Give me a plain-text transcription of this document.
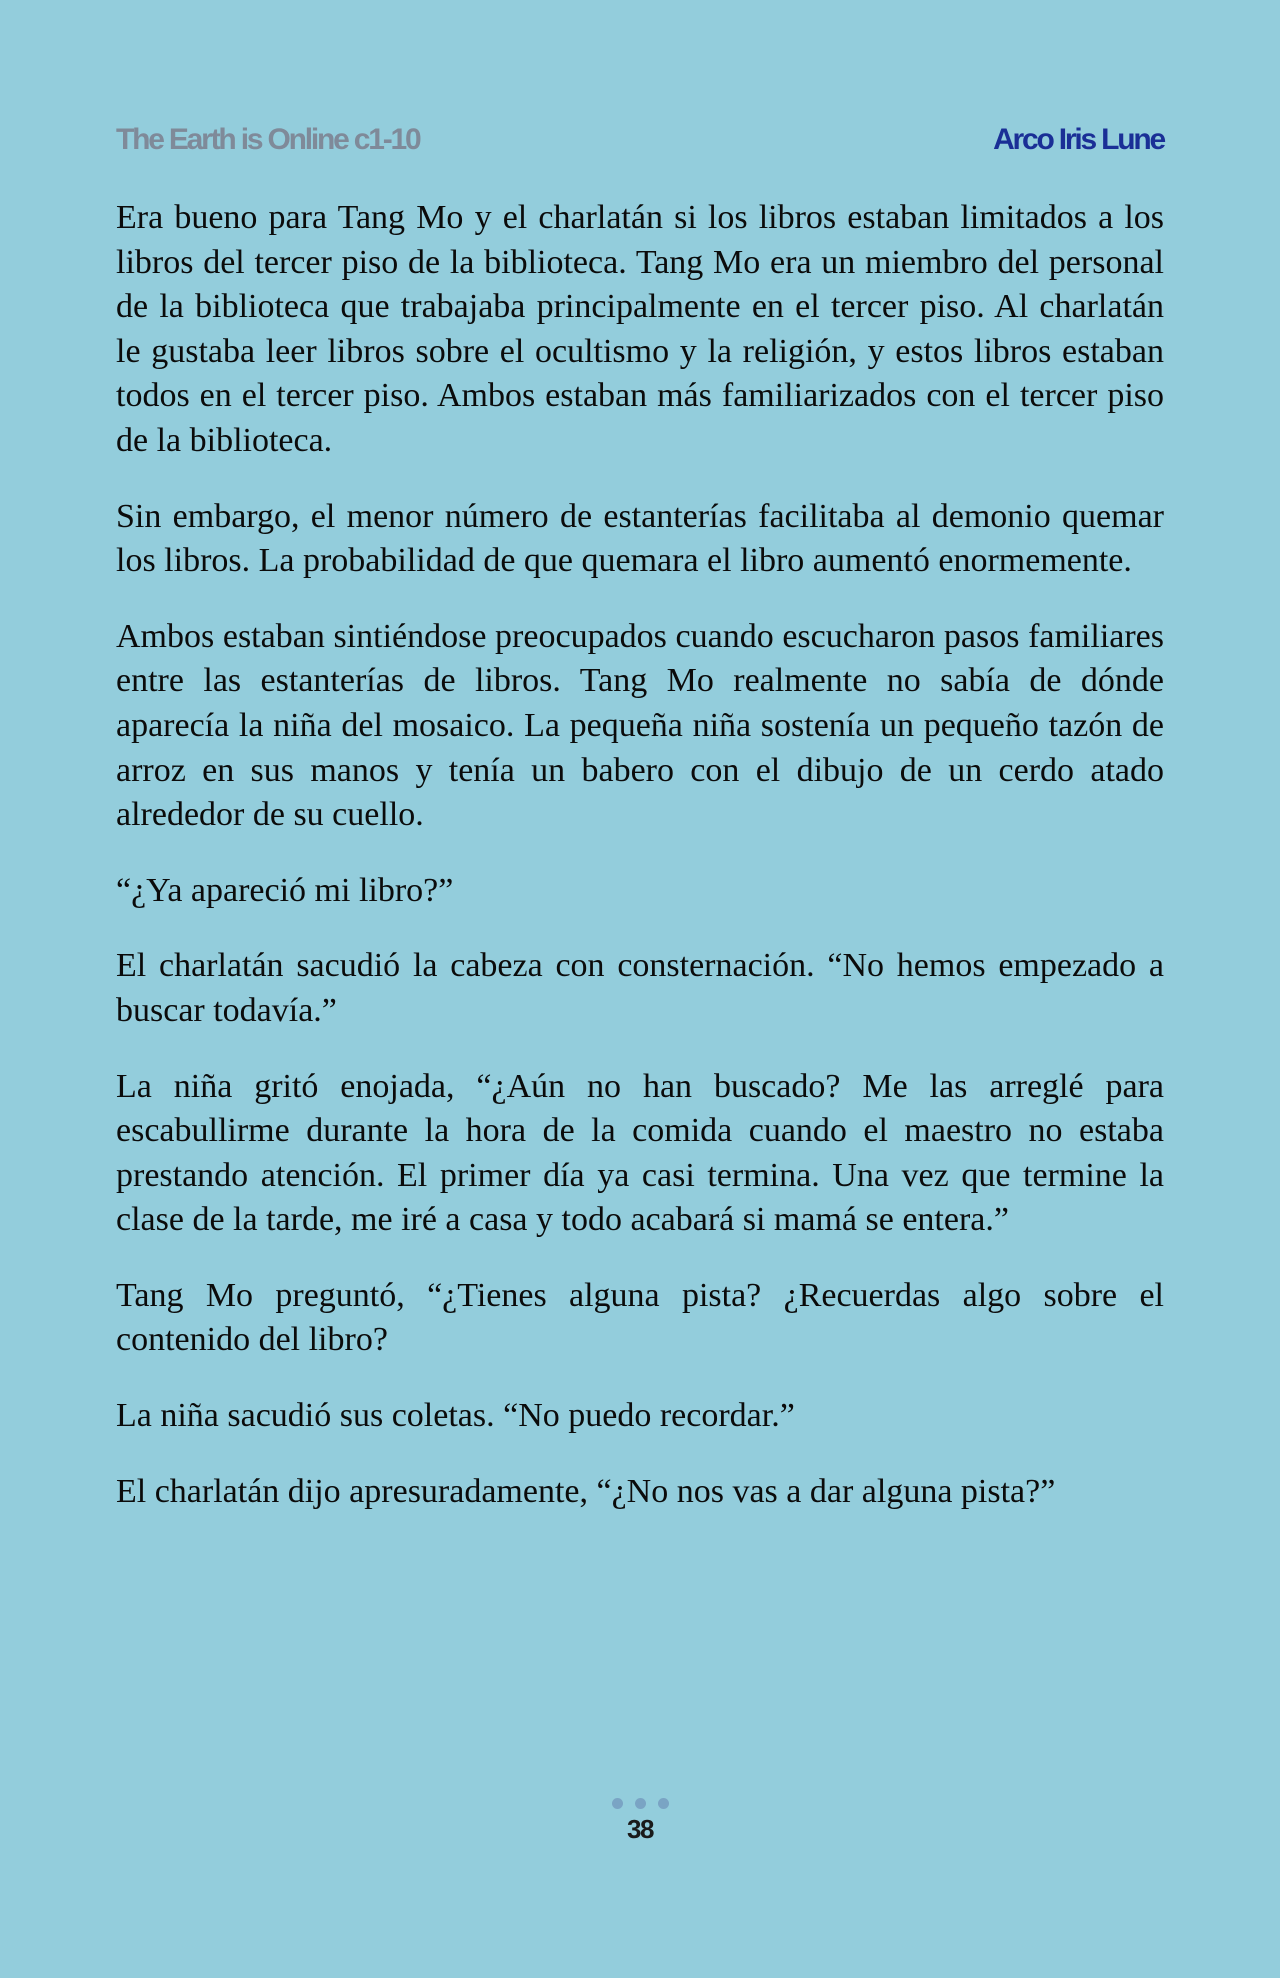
The Earth is Online c1-10	Arco Iris Lune

Era bueno para Tang Mo y el charlatán si los libros estaban limitados a los libros del tercer piso de la biblioteca. Tang Mo era un miembro del personal de la biblioteca que trabajaba principalmente en el tercer piso. Al charlatán le gustaba leer libros sobre el ocultismo y la religión, y estos libros estaban todos en el tercer piso. Ambos estaban más familiarizados con el tercer piso de la biblioteca.

Sin embargo, el menor número de estanterías facilitaba al demonio quemar los libros. La probabilidad de que quemara el libro aumentó enormemente.

Ambos estaban sintiéndose preocupados cuando escucharon pasos familiares entre las estanterías de libros. Tang Mo realmente no sabía de dónde aparecía la niña del mosaico. La pequeña niña sostenía un pequeño tazón de arroz en sus manos y tenía un babero con el dibujo de un cerdo atado alrededor de su cuello.

“¿Ya apareció mi libro?”

El charlatán sacudió la cabeza con consternación. “No hemos empezado a buscar todavía.”

La niña gritó enojada, “¿Aún no han buscado? Me las arreglé para escabullirme durante la hora de la comida cuando el maestro no estaba prestando atención. El primer día ya casi termina. Una vez que termine la clase de la tarde, me iré a casa y todo acabará si mamá se entera.”

Tang Mo preguntó, “¿Tienes alguna pista? ¿Recuerdas algo sobre el contenido del libro?

La niña sacudió sus coletas. “No puedo recordar.”

El charlatán dijo apresuradamente, “¿No nos vas a dar alguna pista?”

38
